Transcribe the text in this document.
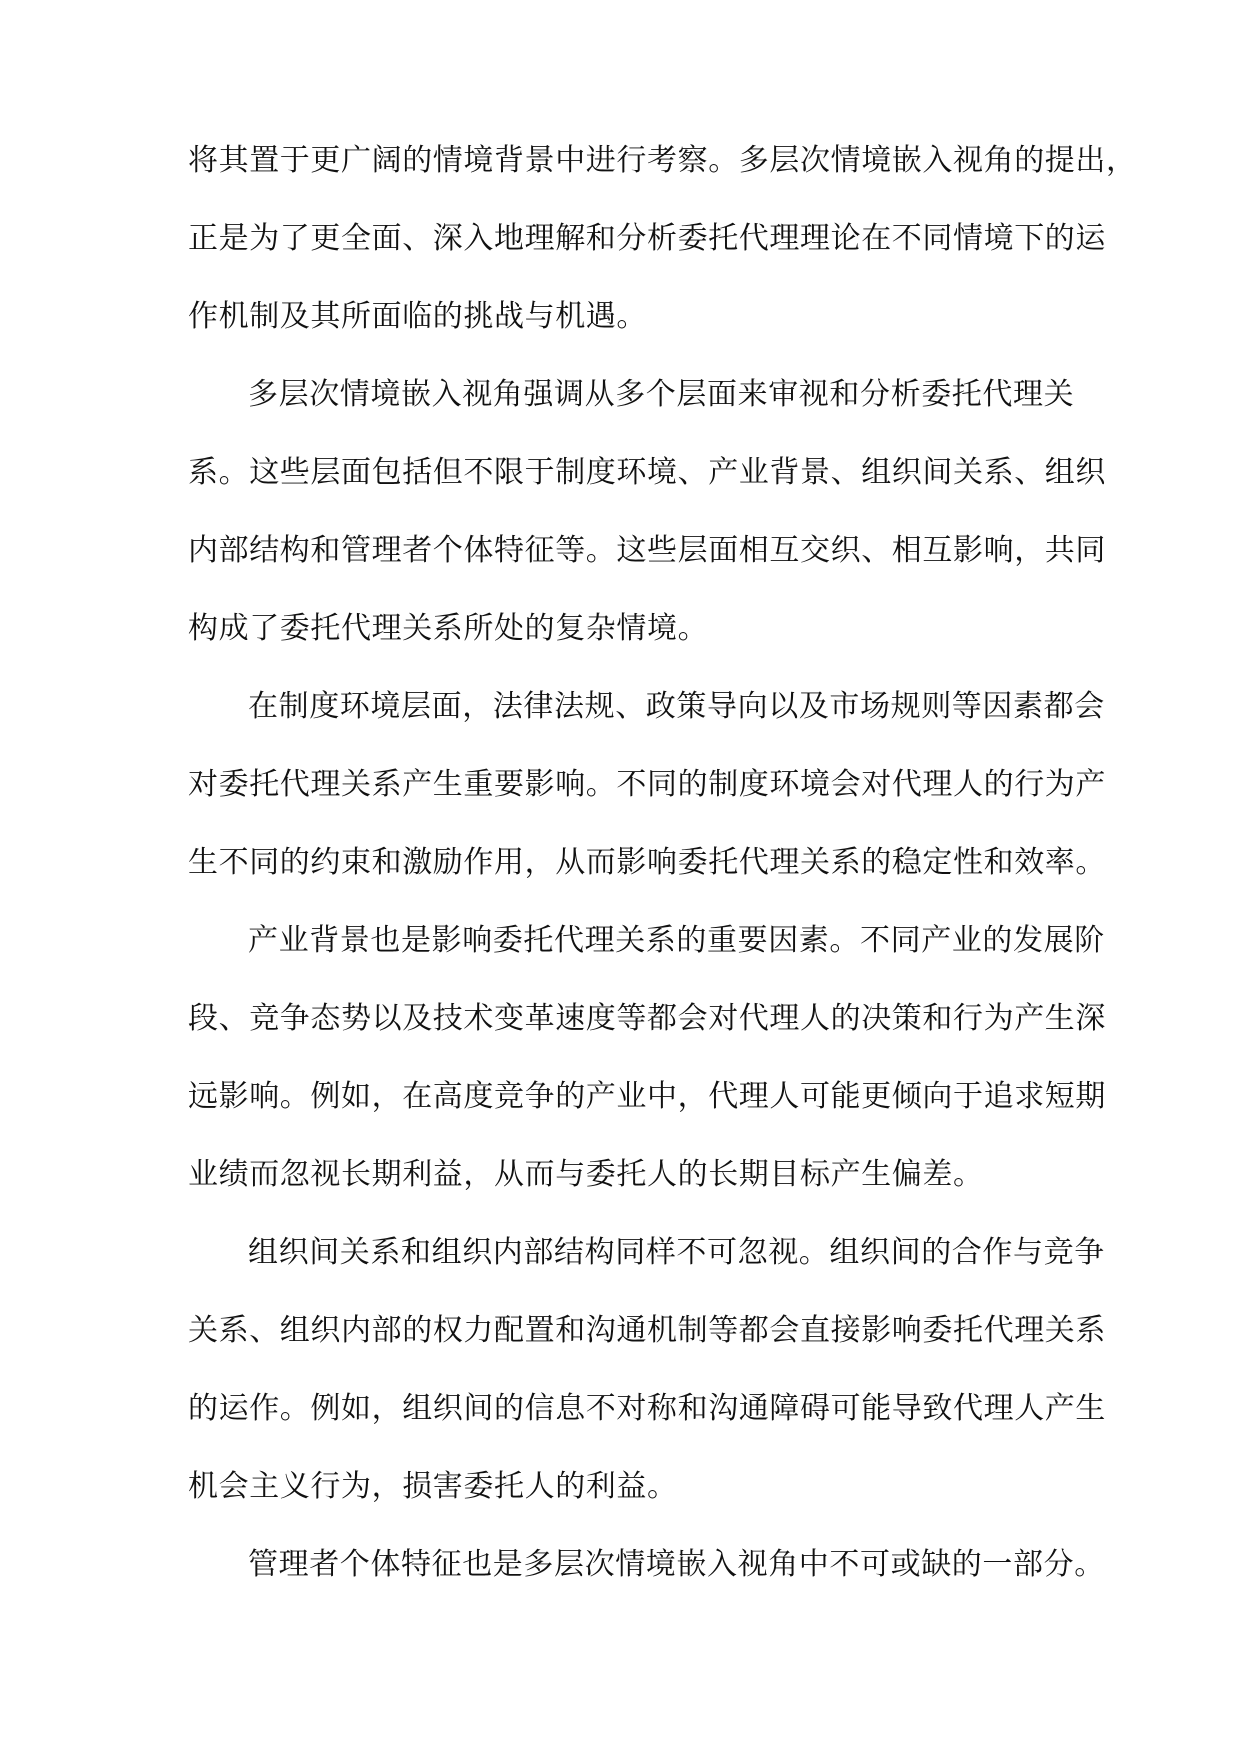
将其置于更广阔的情境背景中进行考察。多层次情境嵌入视角的提出，
正是为了更全面、深入地理解和分析委托代理理论在不同情境下的运
作机制及其所面临的挑战与机遇。
多层次情境嵌入视角强调从多个层面来审视和分析委托代理关
系。这些层面包括但不限于制度环境、产业背景、组织间关系、组织
内部结构和管理者个体特征等。这些层面相互交织、相互影响，共同
构成了委托代理关系所处的复杂情境。
在制度环境层面，法律法规、政策导向以及市场规则等因素都会
对委托代理关系产生重要影响。不同的制度环境会对代理人的行为产
生不同的约束和激励作用，从而影响委托代理关系的稳定性和效率。
产业背景也是影响委托代理关系的重要因素。不同产业的发展阶
段、竞争态势以及技术变革速度等都会对代理人的决策和行为产生深
远影响。例如，在高度竞争的产业中，代理人可能更倾向于追求短期
业绩而忽视长期利益，从而与委托人的长期目标产生偏差。
组织间关系和组织内部结构同样不可忽视。组织间的合作与竞争
关系、组织内部的权力配置和沟通机制等都会直接影响委托代理关系
的运作。例如，组织间的信息不对称和沟通障碍可能导致代理人产生
机会主义行为，损害委托人的利益。
管理者个体特征也是多层次情境嵌入视角中不可或缺的一部分。
